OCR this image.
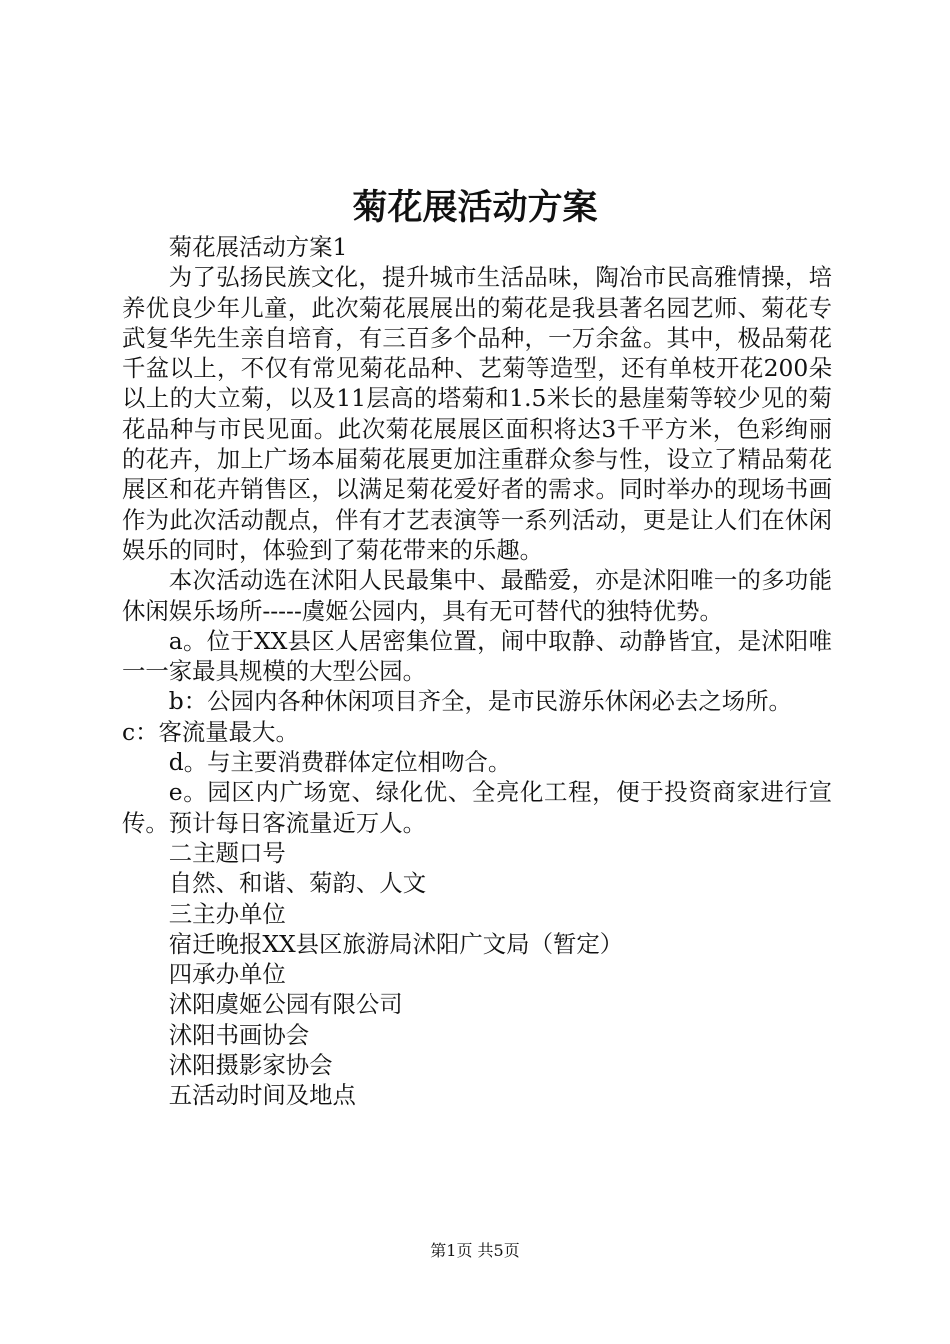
菊花展活动方案

菊花展活动方案1

为了弘扬民族文化，提升城市生活品味，陶冶市民高雅情操，培养优良少年儿童，此次菊花展展出的菊花是我县著名园艺师、菊花专武复华先生亲自培育，有三百多个品种，一万余盆。其中，极品菊花千盆以上，不仅有常见菊花品种、艺菊等造型，还有单枝开花200朵以上的大立菊，以及11层高的塔菊和1.5米长的悬崖菊等较少见的菊花品种与市民见面。此次菊花展展区面积将达3千平方米，色彩绚丽的花卉，加上广场本届菊花展更加注重群众参与性，设立了精品菊花展区和花卉销售区，以满足菊花爱好者的需求。同时举办的现场书画作为此次活动靓点，伴有才艺表演等一系列活动，更是让人们在休闲娱乐的同时，体验到了菊花带来的乐趣。

本次活动选在沭阳人民最集中、最酷爱，亦是沭阳唯一的多功能休闲娱乐场所-----虞姬公园内，具有无可替代的独特优势。

a。位于XX县区人居密集位置，闹中取静、动静皆宜，是沭阳唯一一家最具规模的大型公园。

b：公园内各种休闲项目齐全，是市民游乐休闲必去之场所。

c：客流量最大。

d。与主要消费群体定位相吻合。

e。园区内广场宽、绿化优、全亮化工程，便于投资商家进行宣传。预计每日客流量近万人。

二主题口号

自然、和谐、菊韵、人文

三主办单位

宿迁晚报XX县区旅游局沭阳广文局（暂定）

四承办单位

沭阳虞姬公园有限公司

沭阳书画协会

沭阳摄影家协会

五活动时间及地点

第1页 共5页
